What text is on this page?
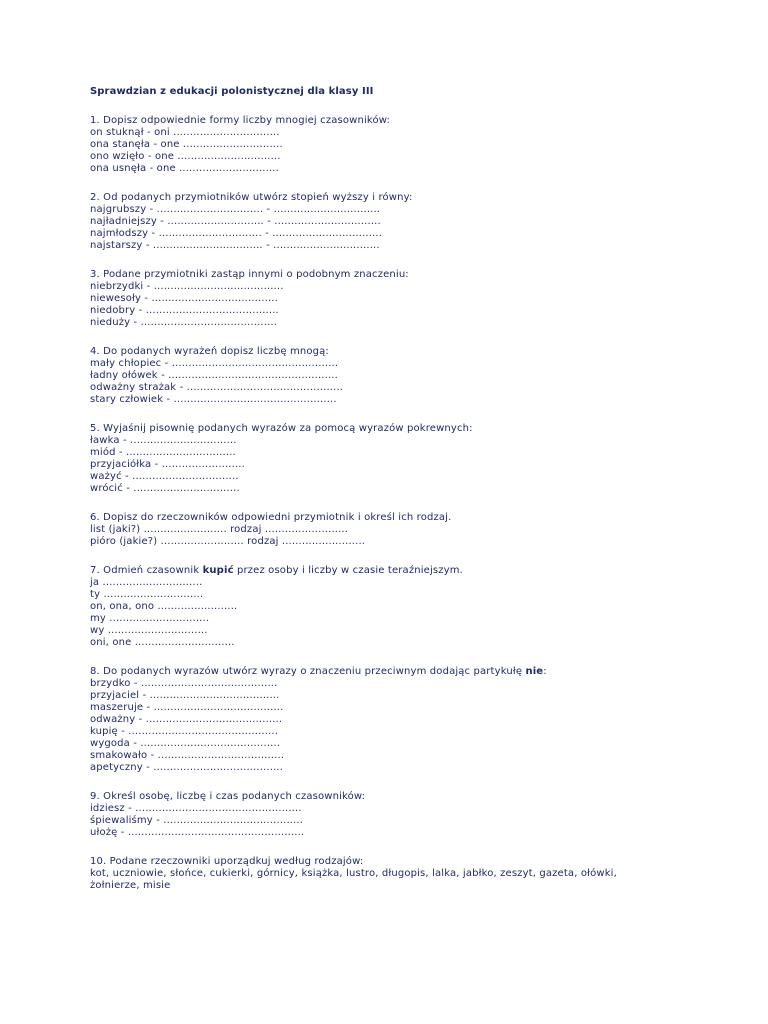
Sprawdzian z edukacji polonistycznej dla klasy III
1. Dopisz odpowiednie formy liczby mnogiej czasowników:
on stuknął - oni ................................
ona stanęła - one ..............................
ono wzięło - one ...............................
ona usnęła - one ..............................
2. Od podanych przymiotników utwórz stopień wyższy i równy:
najgrubszy - ................................ - ................................
najładniejszy - ............................. - ................................
najmłodszy - ............................... - .................................
najstarszy - ................................. - ................................
3. Podane przymiotniki zastąp innymi o podobnym znaczeniu:
niebrzydki - .......................................
niewesoły - ......................................
niedobry - ........................................
nieduży - .........................................
4. Do podanych wyrażeń dopisz liczbę mnogą:
mały chłopiec - ..................................................
ładny ołówek - ...................................................
odważny strażak - ...............................................
stary człowiek - .................................................
5. Wyjaśnij pisownię podanych wyrazów za pomocą wyrazów pokrewnych:
ławka - ................................
miód - .................................
przyjaciółka - .........................
ważyć - ................................
wrócić - ................................
6. Dopisz do rzeczowników odpowiedni przymiotnik i określ ich rodzaj.
list (jaki?) ......................... rodzaj .........................
pióro (jakie?) ......................... rodzaj .........................
7. Odmień czasownik kupić przez osoby i liczby w czasie teraźniejszym.
ja ..............................
ty ..............................
on, ona, ono ........................
my ..............................
wy ..............................
oni, one ..............................
8. Do podanych wyrazów utwórz wyrazy o znaczeniu przeciwnym dodając partykułę nie:
brzydko - .........................................
przyjaciel - .......................................
maszeruje - .......................................
odważny - .........................................
kupię - .............................................
wygoda - ..........................................
smakowało - ......................................
apetyczny - .......................................
9. Określ osobę, liczbę i czas podanych czasowników:
idziesz - ..................................................
śpiewaliśmy - ..........................................
ułożę - .....................................................
10. Podane rzeczowniki uporządkuj według rodzajów:
kot, uczniowie, słońce, cukierki, górnicy, książka, lustro, długopis, lalka, jabłko, zeszyt, gazeta, ołówki, żołnierze, misie
